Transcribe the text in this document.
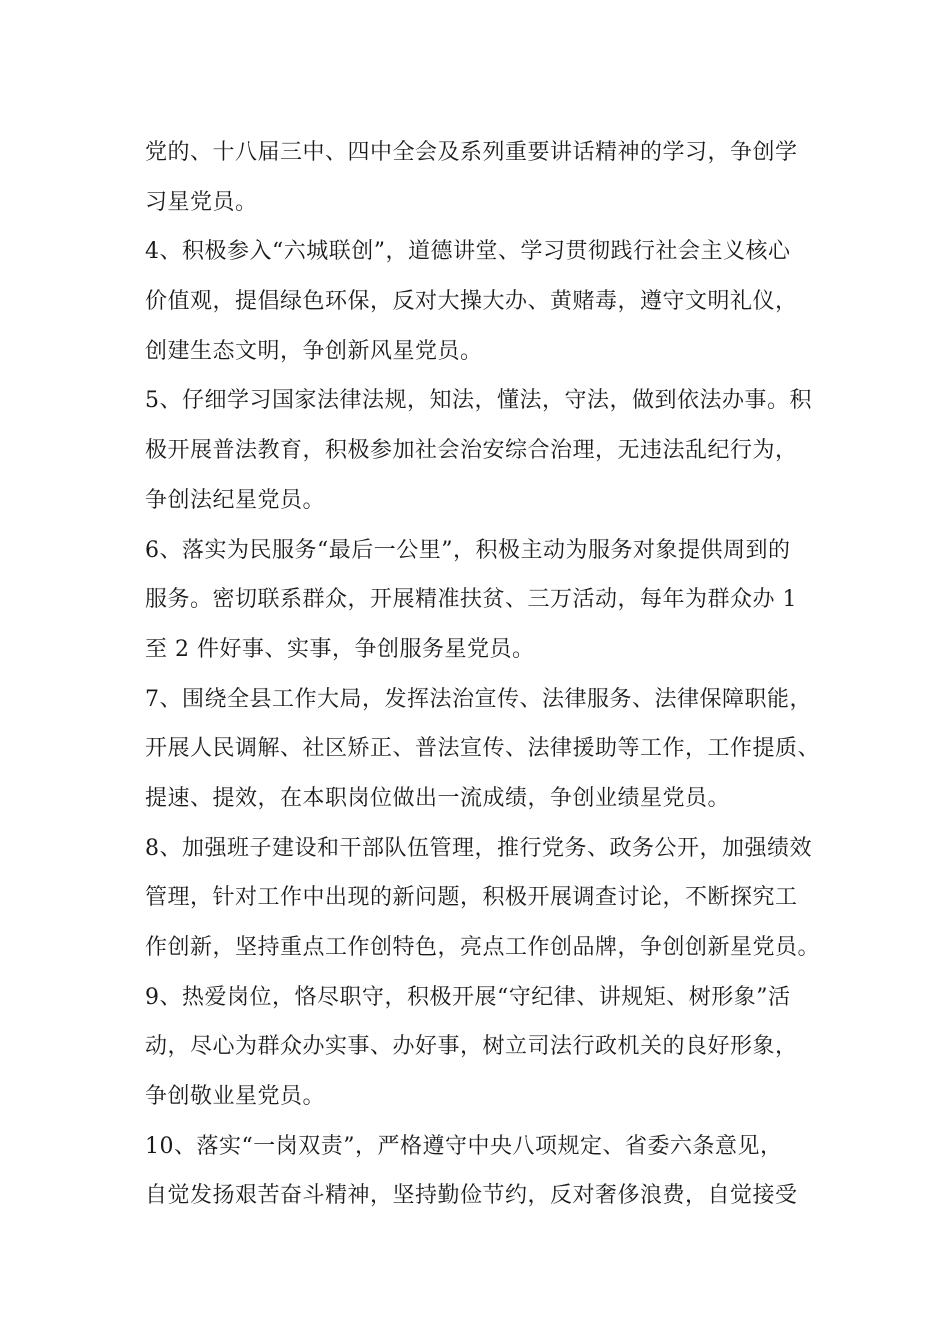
党的、十八届三中、四中全会及系列重要讲话精神的学习，争创学
习星党员。
4、积极参入“六城联创”，道德讲堂、学习贯彻践行社会主义核心
价值观，提倡绿色环保，反对大操大办、黄赌毒，遵守文明礼仪，
创建生态文明，争创新风星党员。
5、仔细学习国家法律法规，知法，懂法，守法，做到依法办事。积
极开展普法教育，积极参加社会治安综合治理，无违法乱纪行为，
争创法纪星党员。
6、落实为民服务“最后一公里”，积极主动为服务对象提供周到的
服务。密切联系群众，开展精准扶贫、三万活动，每年为群众办 1
至 2 件好事、实事，争创服务星党员。
7、围绕全县工作大局，发挥法治宣传、法律服务、法律保障职能，
开展人民调解、社区矫正、普法宣传、法律援助等工作，工作提质、
提速、提效，在本职岗位做出一流成绩，争创业绩星党员。
8、加强班子建设和干部队伍管理，推行党务、政务公开，加强绩效
管理，针对工作中出现的新问题，积极开展调查讨论，不断探究工
作创新，坚持重点工作创特色，亮点工作创品牌，争创创新星党员。
9、热爱岗位，恪尽职守，积极开展“守纪律、讲规矩、树形象”活
动，尽心为群众办实事、办好事，树立司法行政机关的良好形象，
争创敬业星党员。
10、落实“一岗双责”，严格遵守中央八项规定、省委六条意见，
自觉发扬艰苦奋斗精神，坚持勤俭节约，反对奢侈浪费，自觉接受
